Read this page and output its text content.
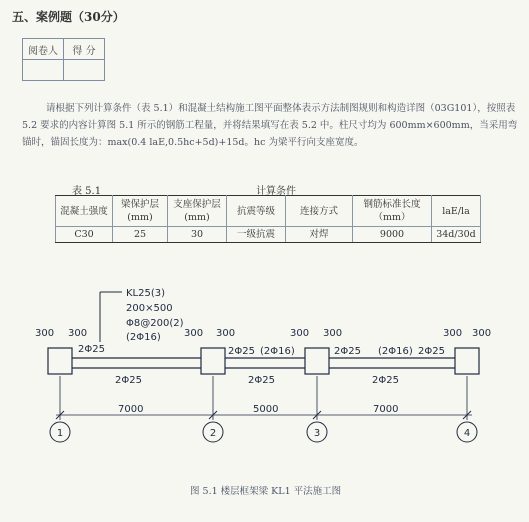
五、案例题（30分）
阅卷人	得 分

请根据下列计算条件（表 5.1）和混凝土结构施工图平面整体表示方法制图规则和构造详图（03G101），按照表 5.2 要求的内容计算图 5.1 所示的钢筋工程量，并将结果填写在表 5.2 中。柱尺寸均为 600mm×600mm，当采用弯锚时，锚固长度为：max(0.4 laE,0.5hc+5d)+15d。hc 为梁平行向支座宽度。
表 5.1	计算条件
混凝土强度	梁保护层(mm)	支座保护层(mm)	抗震等级	连接方式	钢筋标准长度（mm）	laE/la
C30	25	30	一级抗震	对焊	9000	34d/30d
KL25(3)
200×500
Φ8@200(2)
(2Φ16)
300 300	300 300	300 300	300 300
2Φ25	2Φ25 (2Φ16)	2Φ25 (2Φ16) 2Φ25
2Φ25	2Φ25	2Φ25
7000	5000	7000
1	2	3	4
图 5.1 楼层框架梁 KL1 平法施工图
